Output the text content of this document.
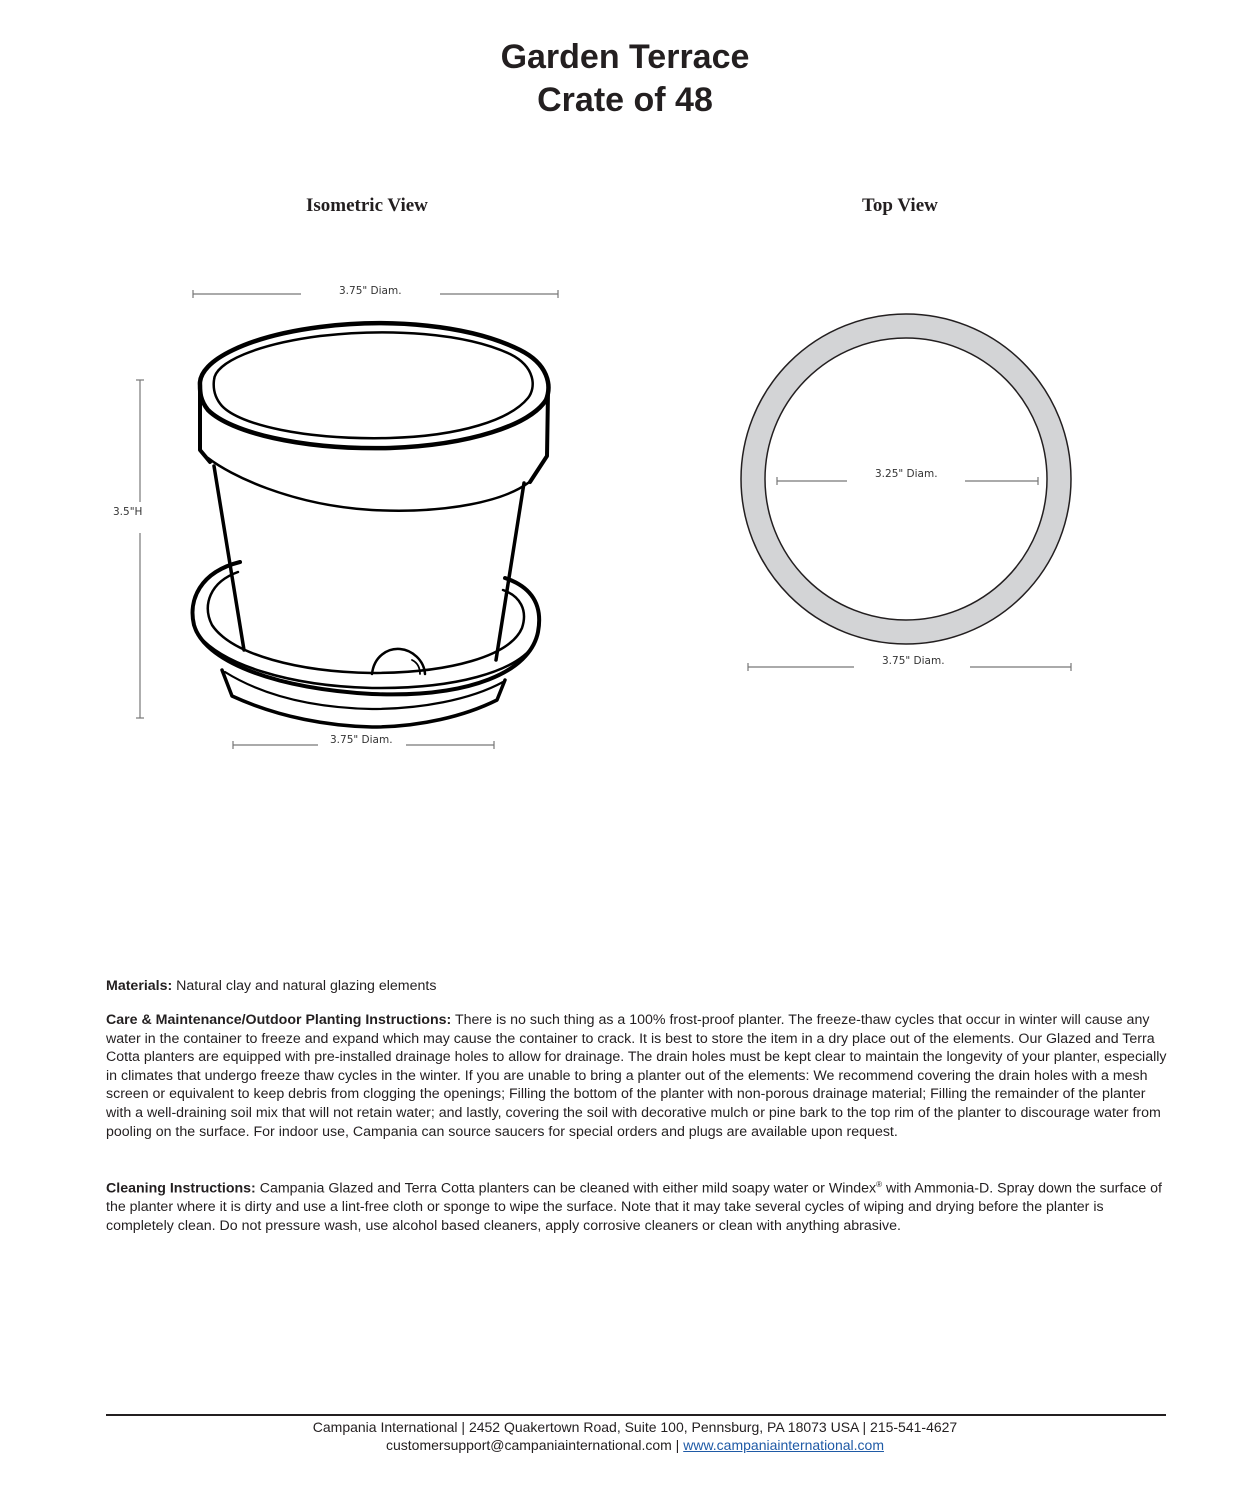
Garden Terrace
Crate of 48
Isometric View	Top View
3.75" Diam.
3.5"H
3.75" Diam.
3.25" Diam.
3.75" Diam.
Materials: Natural clay and natural glazing elements
Care & Maintenance/Outdoor Planting Instructions: There is no such thing as a 100% frost-proof planter. The freeze-thaw cycles that occur in winter will cause any water in the container to freeze and expand which may cause the container to crack. It is best to store the item in a dry place out of the elements. Our Glazed and Terra Cotta planters are equipped with pre-installed drainage holes to allow for drainage. The drain holes must be kept clear to maintain the longevity of your planter, especially in climates that undergo freeze thaw cycles in the winter. If you are unable to bring a planter out of the elements: We recommend covering the drain holes with a mesh screen or equivalent to keep debris from clogging the openings; Filling the bottom of the planter with non-porous drainage material; Filling the remainder of the planter with a well-draining soil mix that will not retain water; and lastly, covering the soil with decorative mulch or pine bark to the top rim of the planter to discourage water from pooling on the surface. For indoor use, Campania can source saucers for special orders and plugs are available upon request.
Cleaning Instructions: Campania Glazed and Terra Cotta planters can be cleaned with either mild soapy water or Windex® with Ammonia-D. Spray down the surface of the planter where it is dirty and use a lint-free cloth or sponge to wipe the surface. Note that it may take several cycles of wiping and drying before the planter is completely clean. Do not pressure wash, use alcohol based cleaners, apply corrosive cleaners or clean with anything abrasive.
Campania International | 2452 Quakertown Road, Suite 100, Pennsburg, PA 18073 USA | 215-541-4627
customersupport@campaniainternational.com | www.campaniainternational.com
